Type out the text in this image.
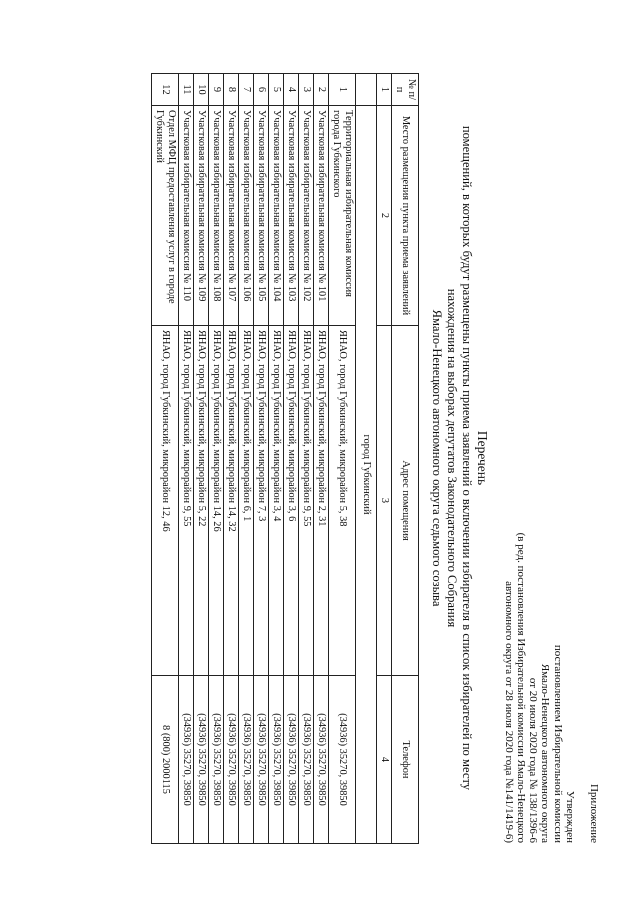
Приложение
Утвержден
постановлением Избирательной комиссии
Ямало-Ненецкого автономного округа
от 20 июля 2020 года № 138/1396-6
(в ред. постановления Избирательной комиссии Ямало-Ненецкого
автономного округа от 28 июля 2020 года №141/1419-6)
Перечень
помещений, в которых будут размещены пункты приема заявлений о включении избирателя в список избирателей по месту
нахождения на выборах депутатов Законодательного Собрания
Ямало-Ненецкого автономного округа седьмого созыва
№ п/п	Место размещения пункта приема заявлений	Адрес помещения	Телефон
1	2	3	4
	город Губкинский		
1	Территориальная избирательная комиссия города Губкинского	ЯНАО, город Губкинский, микрорайон 5, 38	(34936) 35270, 39850
2	Участковая избирательная комиссия № 101	ЯНАО, город Губкинский, микрорайон 2, 31	(34936) 35270, 39850
3	Участковая избирательная комиссия № 102	ЯНАО, город Губкинский, микрорайон 9, 55	(34936) 35270, 39850
4	Участковая избирательная комиссия № 103	ЯНАО, город Губкинский, микрорайон 3, 6	(34936) 35270, 39850
5	Участковая избирательная комиссия № 104	ЯНАО, город Губкинский, микрорайон 3, 4	(34936) 35270, 39850
6	Участковая избирательная комиссия № 105	ЯНАО, город Губкинский, микрорайон 7, 3	(34936) 35270, 39850
7	Участковая избирательная комиссия № 106	ЯНАО, город Губкинский, микрорайон 6, 1	(34936) 35270, 39850
8	Участковая избирательная комиссия № 107	ЯНАО, город Губкинский, микрорайон 14, 32	(34936) 35270, 39850
9	Участковая избирательная комиссия № 108	ЯНАО, город Губкинский, микрорайон 14, 26	(34936) 35270, 39850
10	Участковая избирательная комиссия № 109	ЯНАО, город Губкинский, микрорайон 5, 22	(34936) 35270, 39850
11	Участковая избирательная комиссия № 110	ЯНАО, город Губкинский, микрорайон 9, 55	(34936) 35270, 39850
12	Отдел МФЦ предоставления услуг в городе Губкинский	ЯНАО, город Губкинский, микрорайон 12, 46	8 (800) 2000115
